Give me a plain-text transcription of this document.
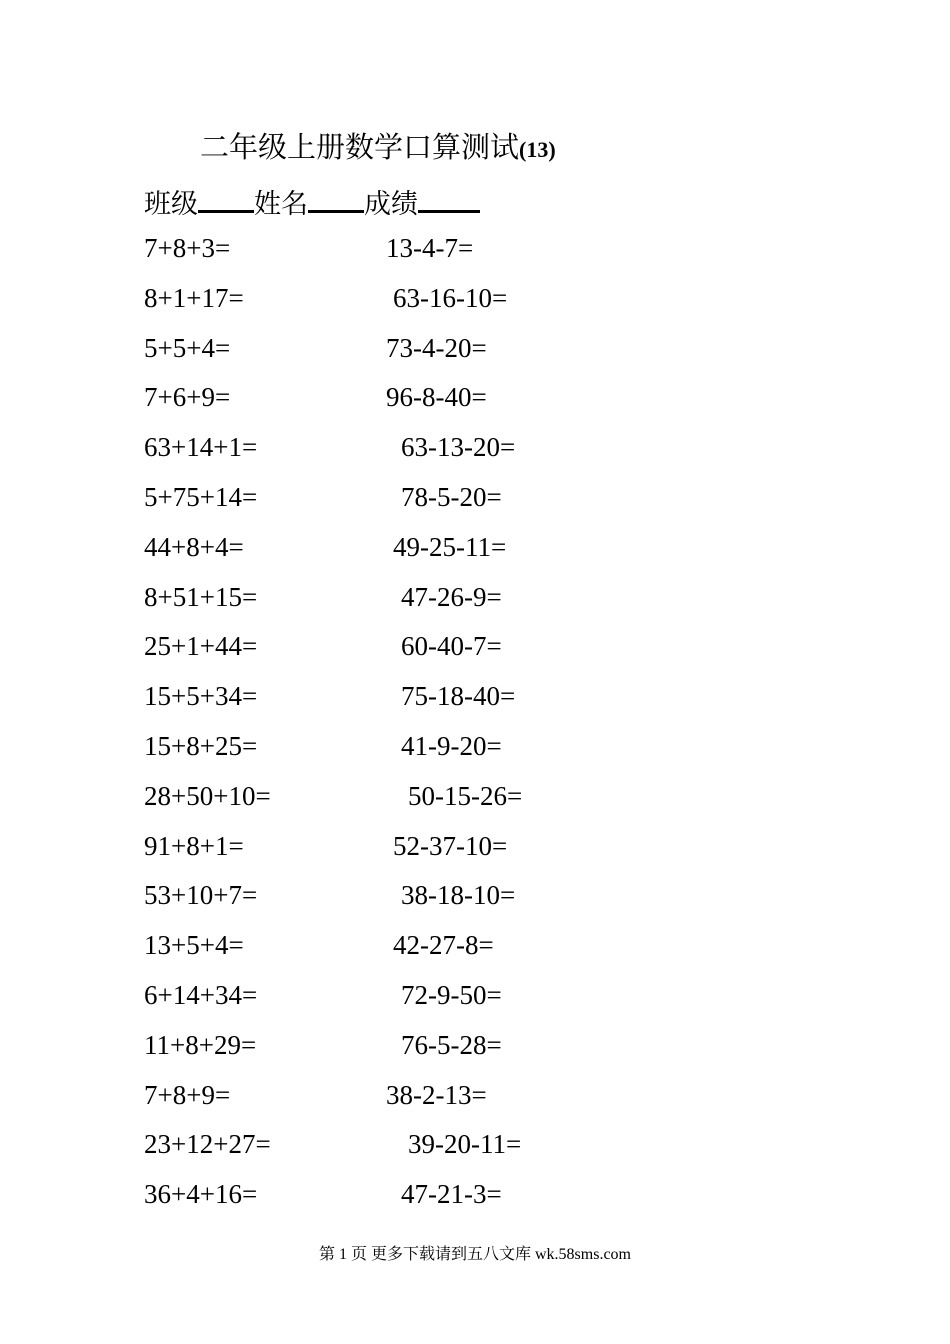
二年级上册数学口算测试(13)
班级 姓名 成绩
7+8+3=	13-4-7=
8+1+17=	63-16-10=
5+5+4=	73-4-20=
7+6+9=	96-8-40=
63+14+1=	63-13-20=
5+75+14=	78-5-20=
44+8+4=	49-25-11=
8+51+15=	47-26-9=
25+1+44=	60-40-7=
15+5+34=	75-18-40=
15+8+25=	41-9-20=
28+50+10=	50-15-26=
91+8+1=	52-37-10=
53+10+7=	38-18-10=
13+5+4=	42-27-8=
6+14+34=	72-9-50=
11+8+29=	76-5-28=
7+8+9=	38-2-13=
23+12+27=	39-20-11=
36+4+16=	47-21-3=
第 1 页 更多下载请到五八文库 wk.58sms.com
